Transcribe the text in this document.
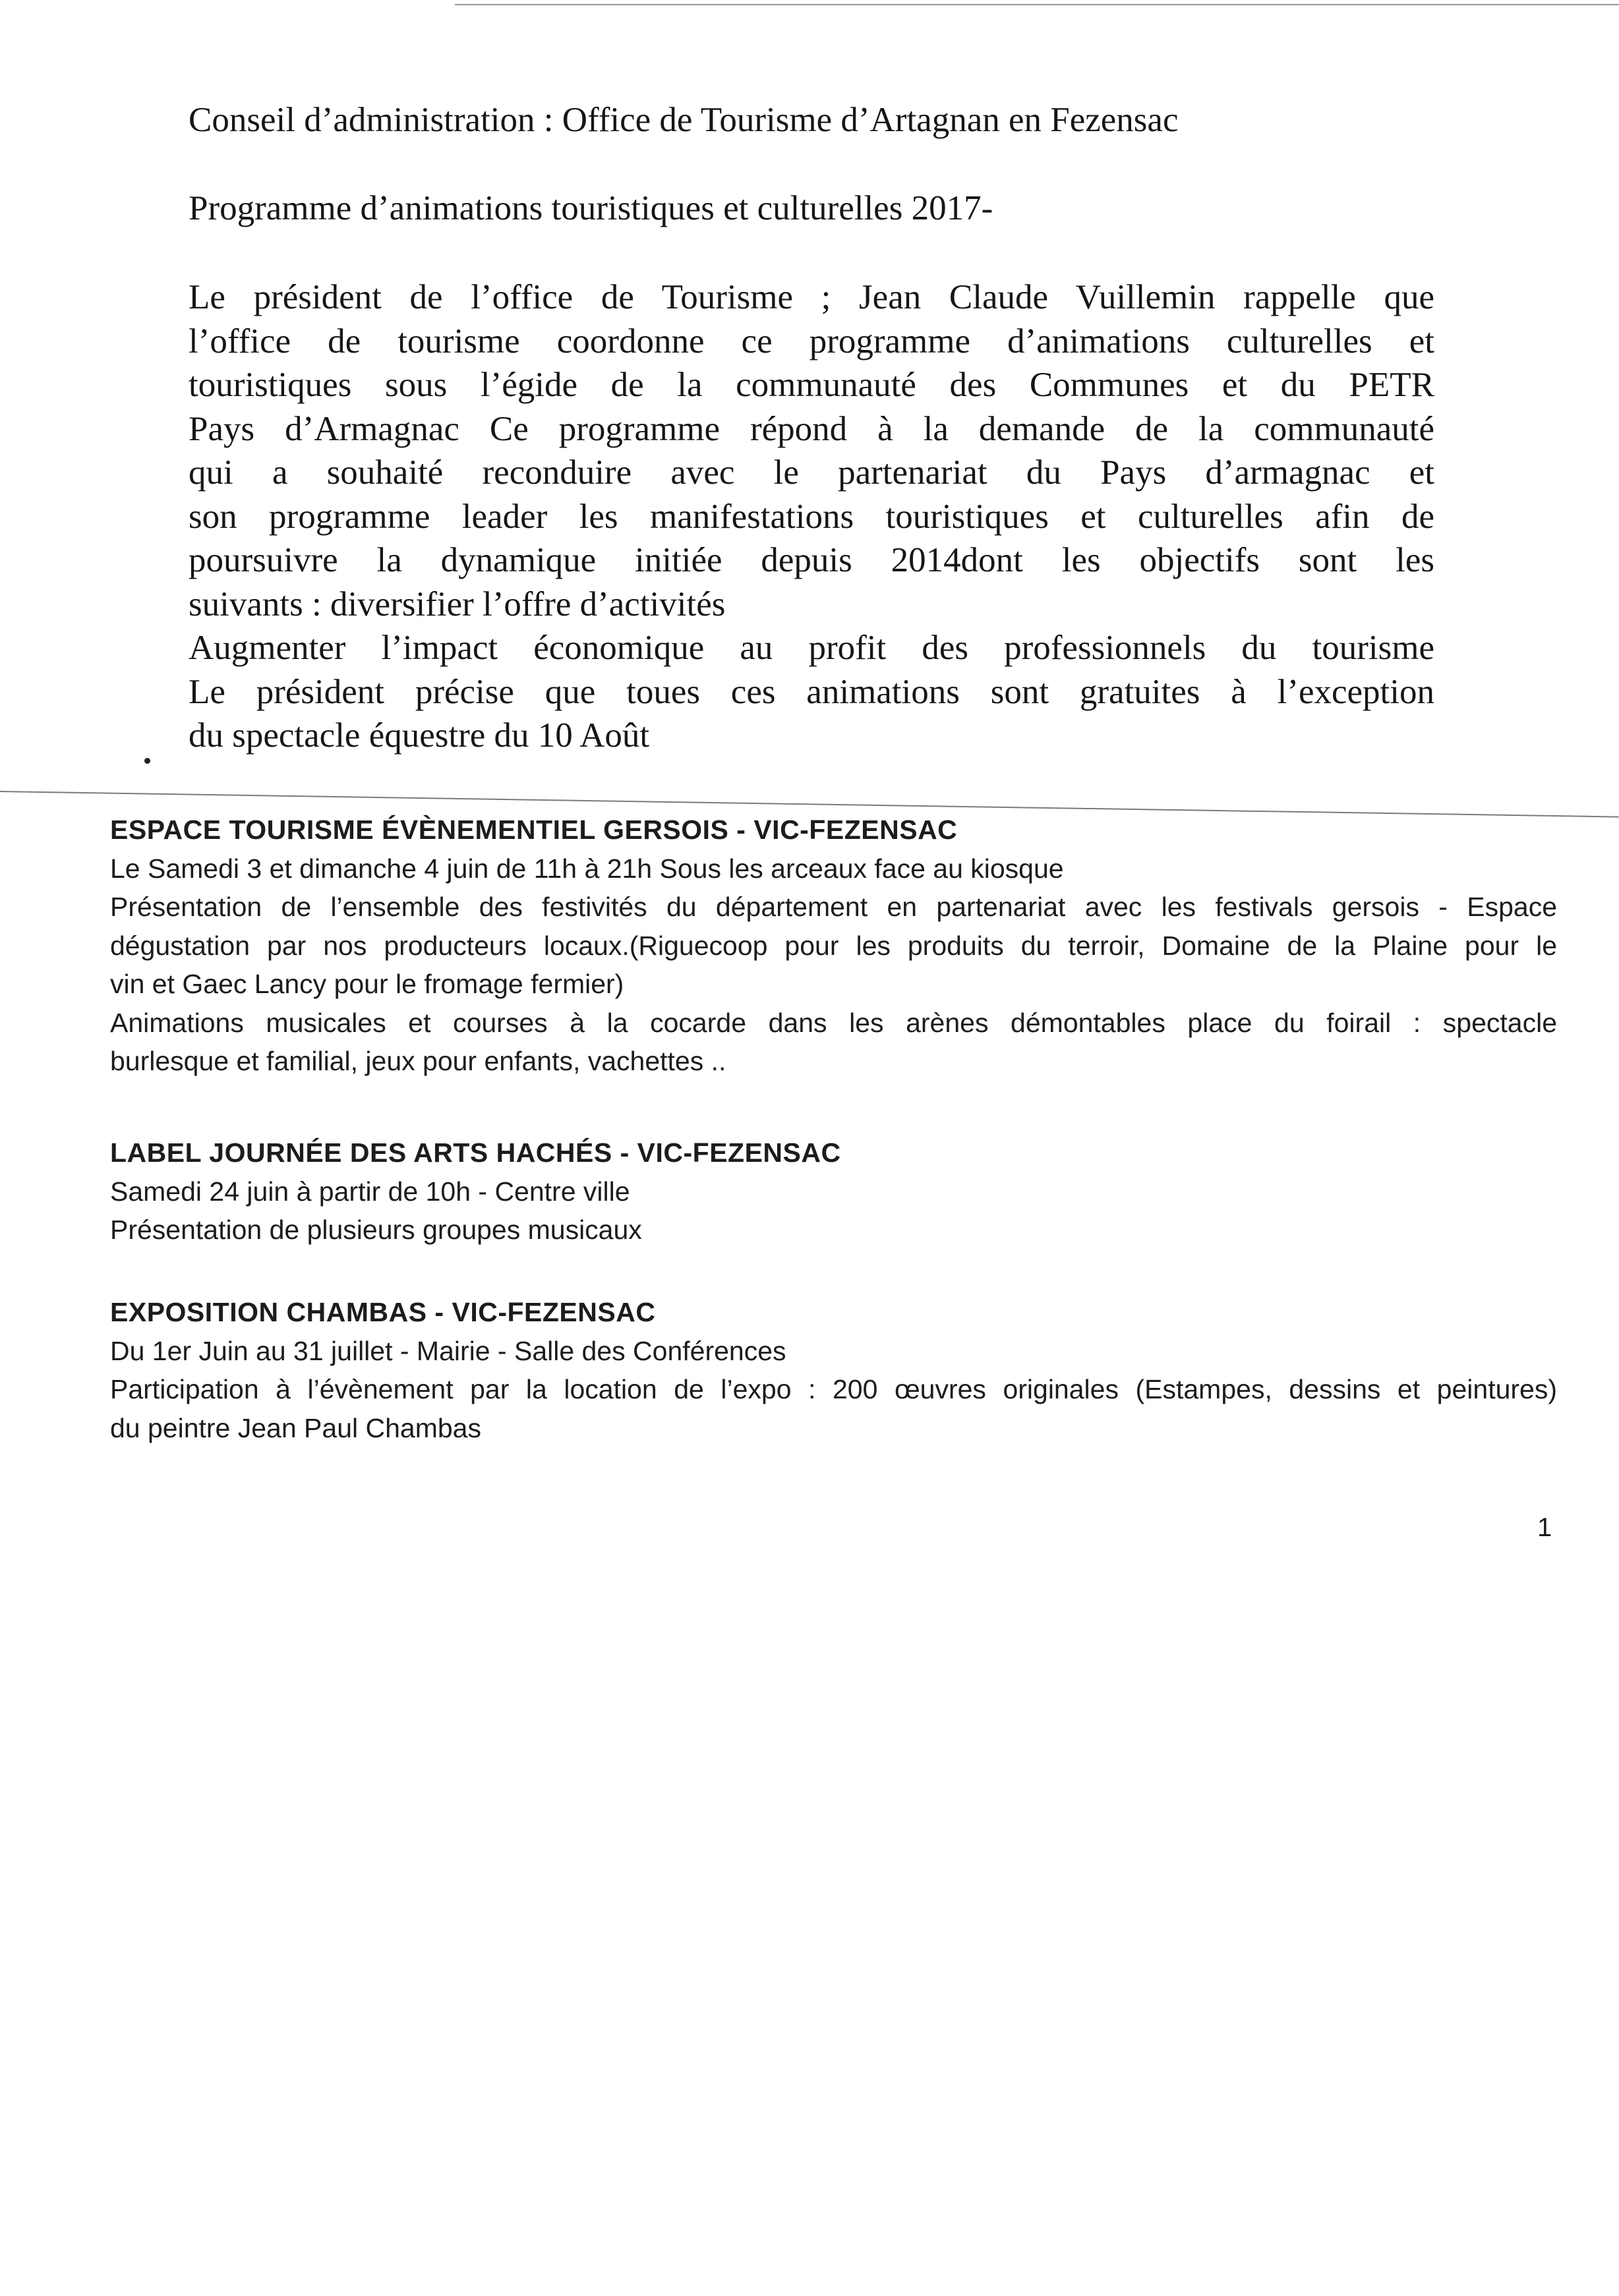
Conseil d’administration : Office de Tourisme d’Artagnan en Fezensac
Programme d’animations touristiques et culturelles 2017-

Le président de l’office de Tourisme ; Jean Claude Vuillemin rappelle que

l’office de tourisme coordonne ce programme d’animations culturelles et

touristiques sous l’égide de la communauté des Communes et du PETR

Pays d’Armagnac Ce programme répond à la demande de la communauté

qui a souhaité reconduire avec le partenariat du Pays d’armagnac et

son programme leader les manifestations touristiques et culturelles afin de

poursuivre la dynamique initiée depuis 2014dont les objectifs sont les

suivants : diversifier l’offre d’activités

Augmenter l’impact économique au profit des professionnels du tourisme

Le président précise que toues ces animations sont gratuites à l’exception

du spectacle équestre du 10 Août

ESPACE TOURISME ÉVÈNEMENTIEL GERSOIS - VIC-FEZENSAC

Le Samedi 3 et dimanche 4 juin de 11h à 21h Sous les arceaux face au kiosque

Présentation de l’ensemble des festivités du département en partenariat avec les festivals gersois - Espace

dégustation par nos producteurs locaux.(Riguecoop pour les produits du terroir, Domaine de la Plaine pour le

vin et Gaec Lancy pour le fromage fermier)

Animations musicales et courses à la cocarde dans les arènes démontables place du foirail : spectacle

burlesque et familial, jeux pour enfants, vachettes ..

LABEL JOURNÉE DES ARTS HACHÉS - VIC-FEZENSAC

Samedi 24 juin à partir de 10h - Centre ville

Présentation de plusieurs groupes musicaux

EXPOSITION CHAMBAS - VIC-FEZENSAC

Du 1er Juin au 31 juillet - Mairie - Salle des Conférences

Participation à l’évènement par la location de l’expo : 200 œuvres originales (Estampes, dessins et peintures)

du peintre Jean Paul Chambas

1
